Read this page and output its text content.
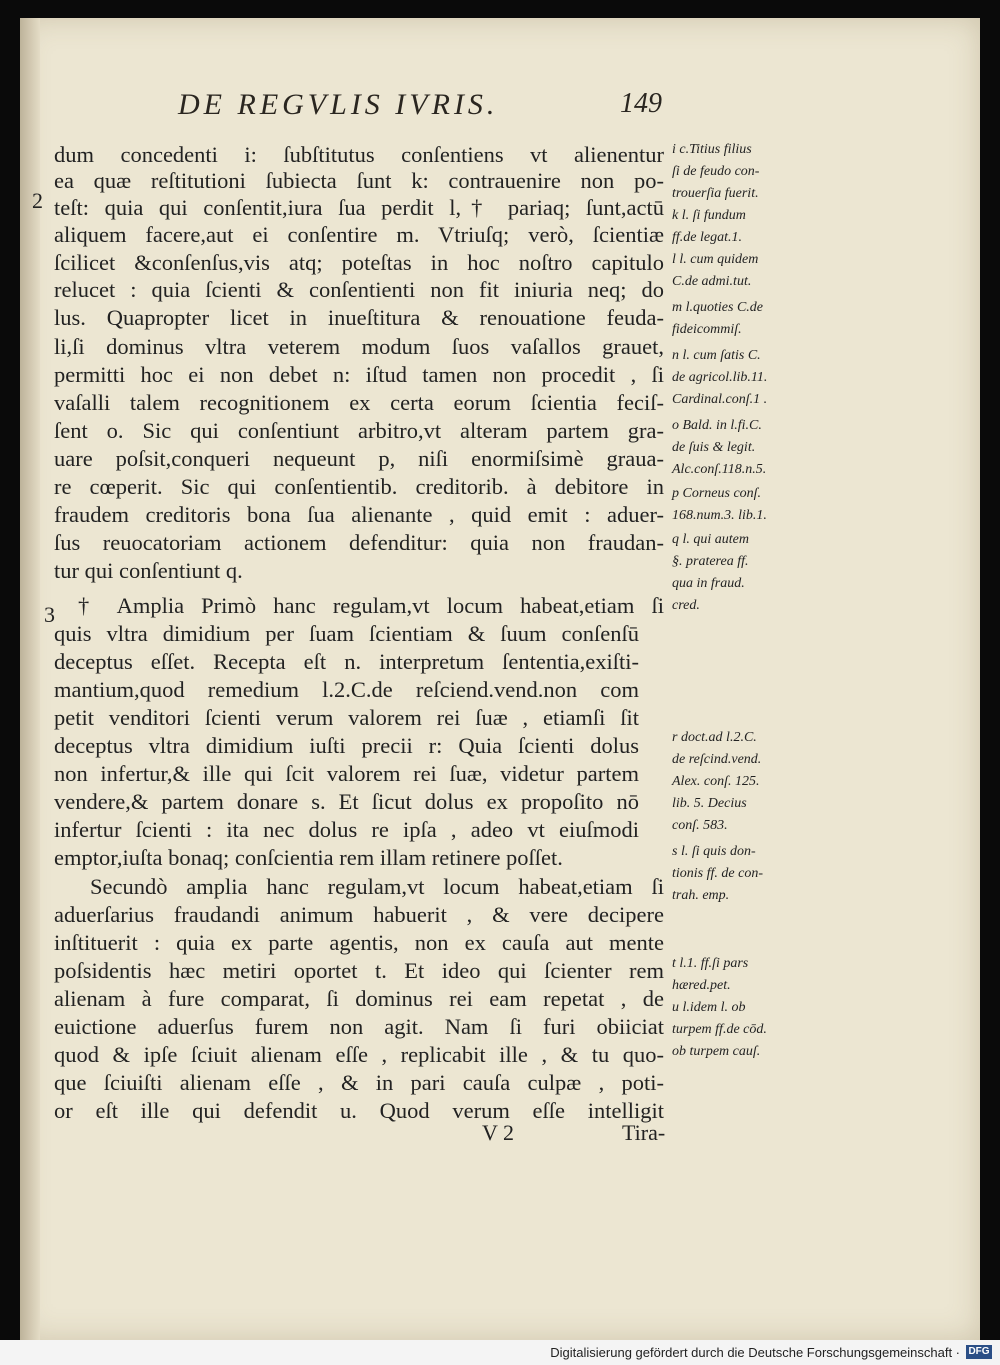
DE REGVLIS IVRIS.	149
2
3
dum concedenti i: ſubſtitutus conſentiens vt alienentur
ea quæ reſtitutioni ſubiecta ſunt k: contrauenire non po-
teſt: quia qui conſentit,iura ſua perdit l,† pariaq; ſunt,actū
aliquem facere,aut ei conſentire m. Vtriuſq; verò, ſcientiæ
ſcilicet &conſenſus,vis atq; poteſtas in hoc noſtro capitulo
relucet : quia ſcienti & conſentienti non fit iniuria neq; do
lus. Quapropter licet in inueſtitura & renouatione feuda-
li,ſi dominus vltra veterem modum ſuos vaſallos grauet,
permitti hoc ei non debet n: iſtud tamen non procedit , ſi
vaſalli talem recognitionem ex certa eorum ſcientia feciſ-
ſent o. Sic qui conſentiunt arbitro,vt alteram partem gra-
uare poſsit,conqueri nequeunt p, niſi enormiſsimè graua-
re cœperit. Sic qui conſentientib. creditorib. à debitore in
fraudem creditoris bona ſua alienante , quid emit : aduer-
ſus reuocatoriam actionem defenditur: quia non fraudan-
tur qui conſentiunt q.
† Amplia Primò hanc regulam,vt locum habeat,etiam ſi
quis vltra dimidium per ſuam ſcientiam & ſuum conſenſū
deceptus eſſet. Recepta eſt n. interpretum ſententia,exiſti-
mantium,quod remedium l.2.C.de reſciend.vend.non com
petit venditori ſcienti verum valorem rei ſuæ , etiamſi ſit
deceptus vltra dimidium iuſti precii r: Quia ſcienti dolus
non infertur,& ille qui ſcit valorem rei ſuæ, videtur partem
vendere,& partem donare s. Et ſicut dolus ex propoſito nō
infertur ſcienti : ita nec dolus re ipſa , adeo vt eiuſmodi
emptor,iuſta bonaq; conſcientia rem illam retinere poſſet.
Secundò amplia hanc regulam,vt locum habeat,etiam ſi
aduerſarius fraudandi animum habuerit , & vere decipere
inſtituerit : quia ex parte agentis, non ex cauſa aut mente
poſsidentis hæc metiri oportet t. Et ideo qui ſcienter rem
alienam à fure comparat, ſi dominus rei eam repetat , de
euictione aduerſus furem non agit. Nam ſi furi obiiciat
quod & ipſe ſciuit alienam eſſe , replicabit ille , & tu quo-
que ſciuiſti alienam eſſe , & in pari cauſa culpæ , poti-
or eſt ille qui defendit u. Quod verum eſſe intelligit
i c.Titius filius
ſi de feudo con-
trouerſia fuerit.
k l. ſi fundum
ff.de legat.1.
l l. cum quidem
C.de admi.tut.
m l.quoties C.de
fideicommiſ.
n l. cum ſatis C.
de agricol.lib.11.
Cardinal.conſ.1 .
o Bald. in l.fi.C.
de ſuis & legit.
Alc.conſ.118.n.5.
p Corneus conſ.
168.num.3. lib.1.
q l. qui autem
§. praterea ff.
qua in fraud.
cred.
r doct.ad l.2.C.
de reſcind.vend.
Alex. conſ. 125.
lib. 5. Decius
conſ. 583.
s l. ſi quis don-
tionis ff. de con-
trah. emp.
t l.1. ff.ſi pars
hæred.pet.
u l.idem l. ob
turpem ff.de cōd.
ob turpem cauſ.
V 2	Tira-
Digitalisierung gefördert durch die Deutsche Forschungsgemeinschaft · DFG
